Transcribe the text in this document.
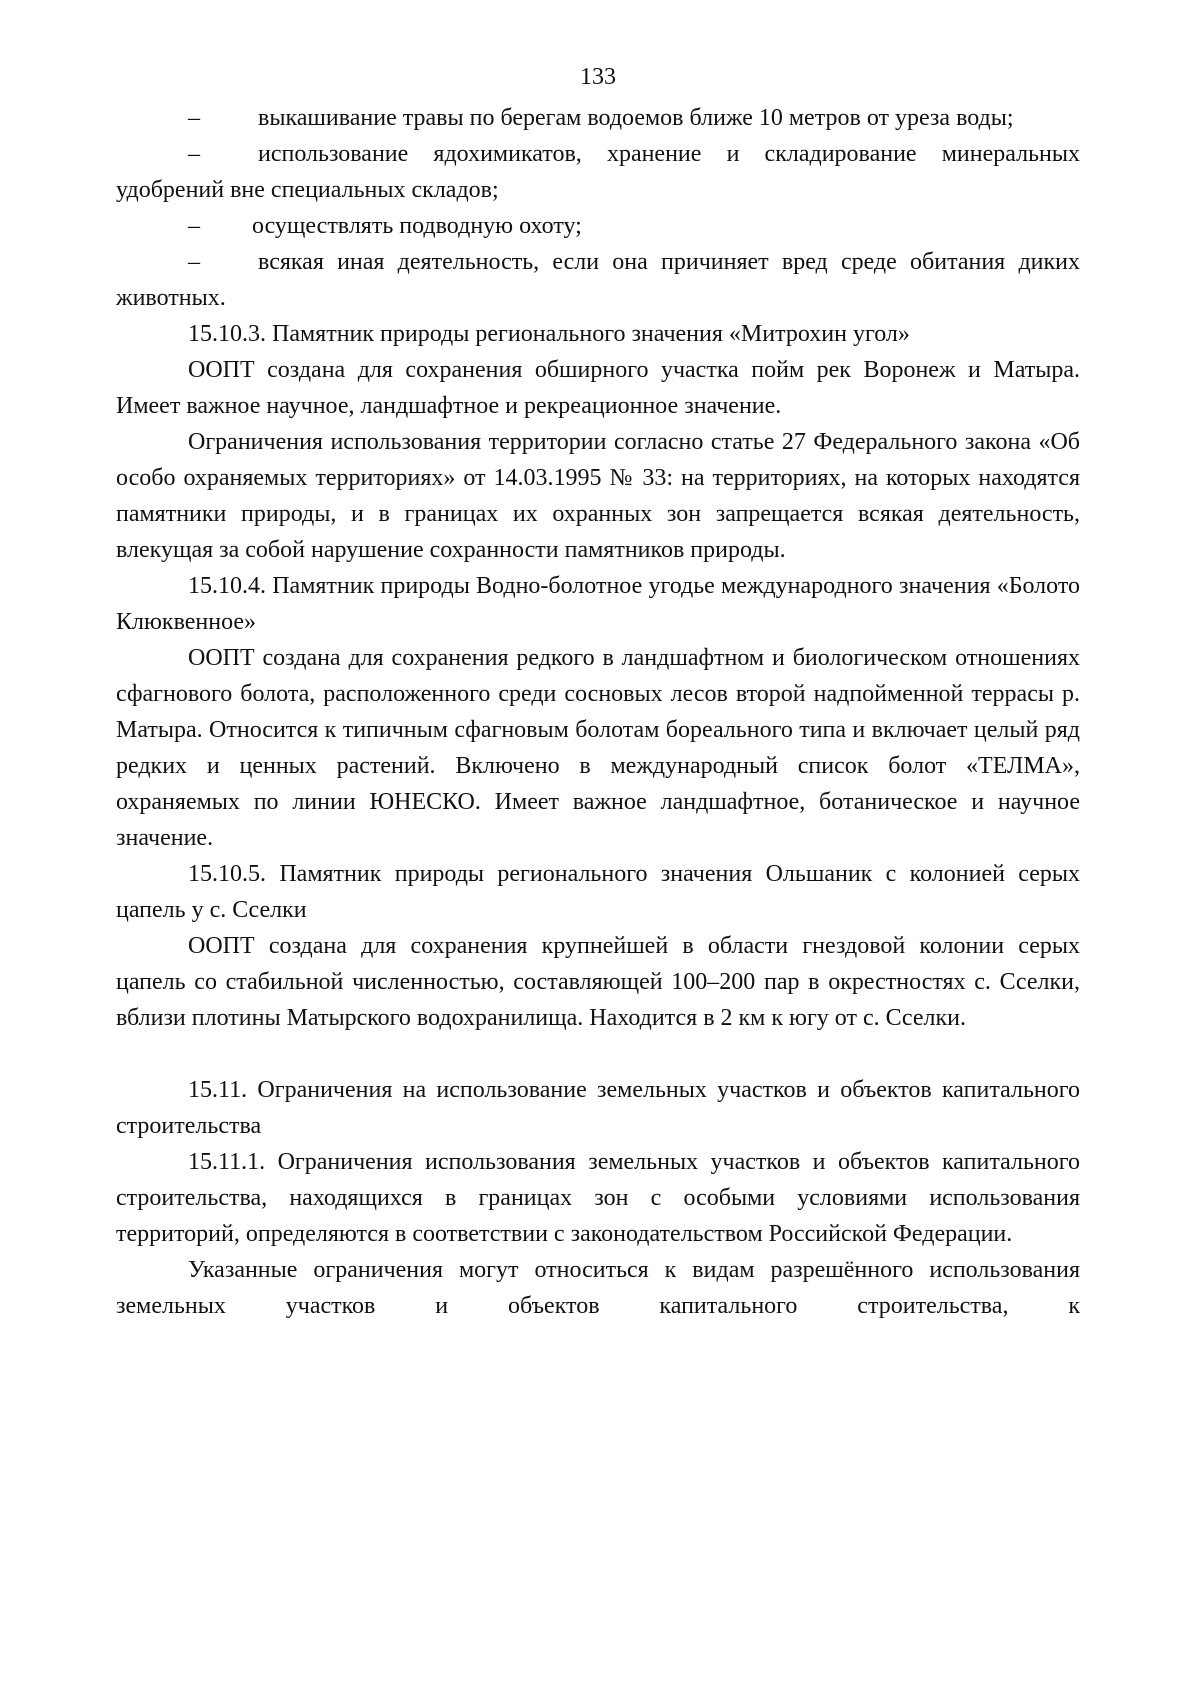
133

– выкашивание травы по берегам водоемов ближе 10 метров от уреза воды;

– использование ядохимикатов, хранение и складирование минеральных удобрений вне специальных складов;

– осуществлять подводную охоту;

– всякая иная деятельность, если она причиняет вред среде обитания диких животных.

15.10.3. Памятник природы регионального значения «Митрохин угол»

ООПТ создана для сохранения обширного участка пойм рек Воронеж и Матыра. Имеет важное научное, ландшафтное и рекреационное значение.

Ограничения использования территории согласно статье 27 Федерального закона «Об особо охраняемых территориях» от 14.03.1995 № 33: на территориях, на которых находятся памятники природы, и в границах их охранных зон запрещается всякая деятельность, влекущая за собой нарушение сохранности памятников природы.

15.10.4. Памятник природы Водно-болотное угодье международного значения «Болото Клюквенное»

ООПТ создана для сохранения редкого в ландшафтном и биологическом отношениях сфагнового болота, расположенного среди сосновых лесов второй надпойменной террасы р. Матыра. Относится к типичным сфагновым болотам бореального типа и включает целый ряд редких и ценных растений. Включено в международный список болот «ТЕЛМА», охраняемых по линии ЮНЕСКО. Имеет важное ландшафтное, ботаническое и научное значение.

15.10.5. Памятник природы регионального значения Ольшаник с колонией серых цапель у с. Сселки

ООПТ создана для сохранения крупнейшей в области гнездовой колонии серых цапель со стабильной численностью, составляющей 100–200 пар в окрестностях с. Сселки, вблизи плотины Матырского водохранилища. Находится в 2 км к югу от с. Сселки.

15.11. Ограничения на использование земельных участков и объектов капитального строительства

15.11.1. Ограничения использования земельных участков и объектов капитального строительства, находящихся в границах зон с особыми условиями использования территорий, определяются в соответствии с законодательством Российской Федерации.

Указанные ограничения могут относиться к видам разрешённого использования земельных участков и объектов капитального строительства, к
